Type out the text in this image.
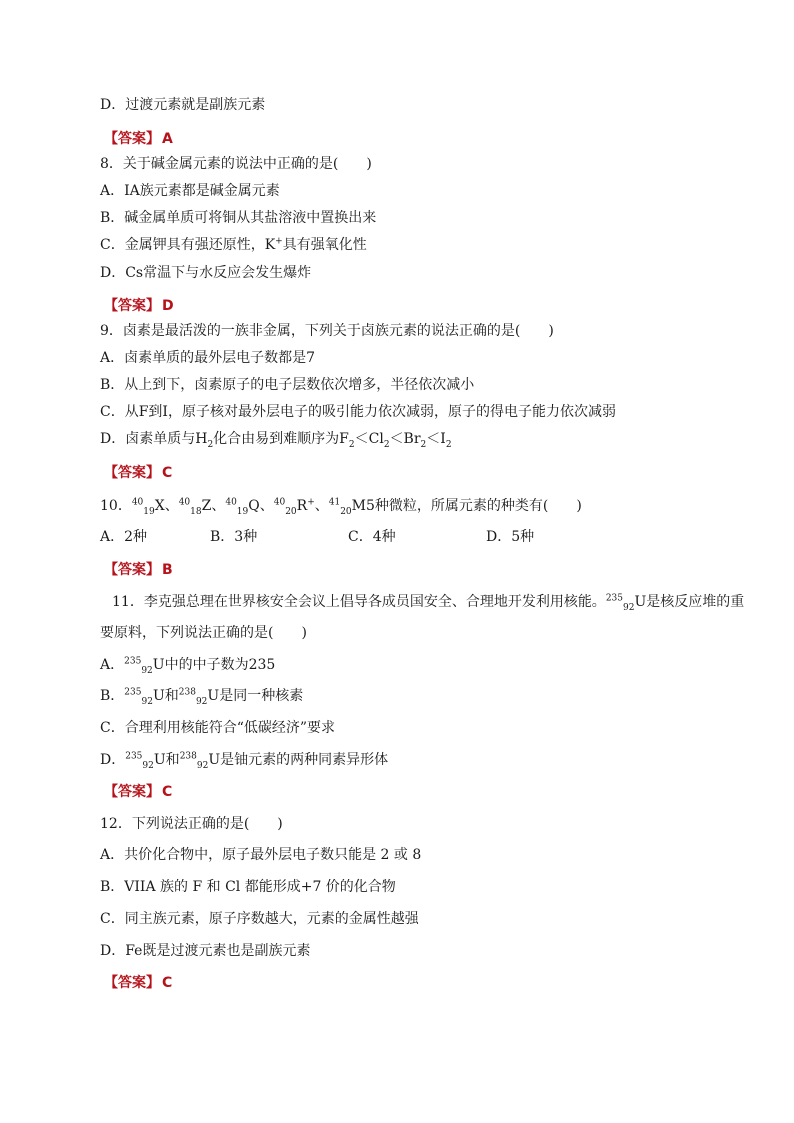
D．过渡元素就是副族元素
【答案】 A
8．关于碱金属元素的说法中正确的是(　　)
A．ⅠA族元素都是碱金属元素
B．碱金属单质可将铜从其盐溶液中置换出来
C．金属钾具有强还原性，K+具有强氧化性
D．Cs常温下与水反应会发生爆炸
【答案】 D
9．卤素是最活泼的一族非金属，下列关于卤族元素的说法正确的是(　　)
A．卤素单质的最外层电子数都是7
B．从上到下，卤素原子的电子层数依次增多，半径依次减小
C．从F到I，原子核对最外层电子的吸引能力依次减弱，原子的得电子能力依次减弱
D．卤素单质与$H_2$化合由易到难顺序为$F_2<Cl_2<Br_2<I_2$
【答案】 C
10．$^{40}_{19}$X、$^{40}_{18}$Z、$^{40}_{19}$Q、$^{40}_{20}$R+、$^{41}_{20}$M5种微粒，所属元素的种类有(　　)
A．2种	B．3种	C．4种	D．5种
【答案】 B
11．李克强总理在世界核安全会议上倡导各成员国安全、合理地开发利用核能。$^{235}_{92}$U是核反应堆的重
要原料，下列说法正确的是(　　)
A．$^{235}_{92}$U中的中子数为235
B．$^{235}_{92}$U和$^{238}_{92}$U是同一种核素
C．合理利用核能符合“低碳经济”要求
D．$^{235}_{92}$U和$^{238}_{92}$U是铀元素的两种同素异形体
【答案】 C
12．下列说法正确的是(　　)
A．共价化合物中，原子最外层电子数只能是 2 或 8
B．VIIA 族的 F 和 Cl 都能形成+7 价的化合物
C．同主族元素，原子序数越大，元素的金属性越强
D．Fe既是过渡元素也是副族元素
【答案】 C
